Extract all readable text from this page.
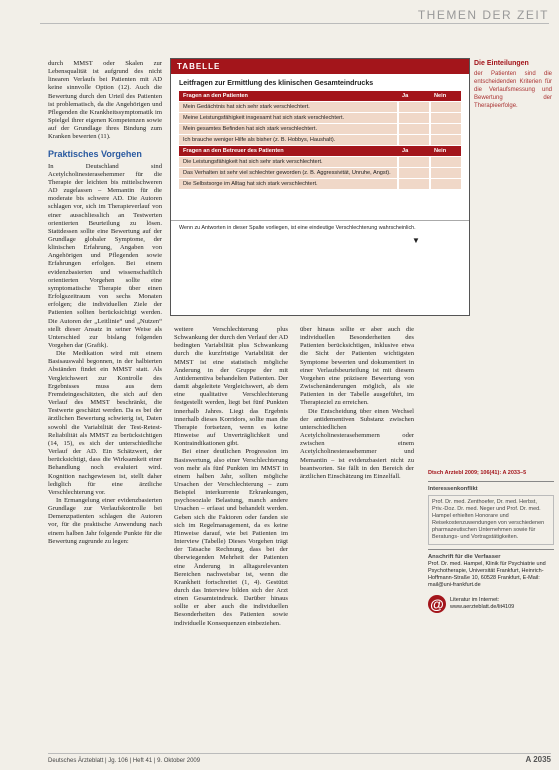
THEMEN DER ZEIT

durch MMST oder Skalen zur Lebensqualität ist aufgrund des nicht linearen Verlaufs bei Patienten mit AD keine sinnvolle Option (12). Auch die Bewertung durch den Urteil des Patienten ist problematisch, da die Angehörigen und Pflegenden die Krankheitssymptomatik im Spielgel ihrer eigenen Kompetenzen sowie auf der Grundlage ihres Bindung zum Kranken bewerten (11).

Praktisches Vorgehen

In Deutschland sind Acetylcholinesterasehemmer für die Therapie der leichten bis mittelschweren AD zugelassen – Memantin für die moderate bis schwere AD. Die Autoren schlagen vor, sich im Therapieverlauf von einer ausschliesslich an Testwerten orientierten Beurteilung zu lösen. Stattdessen sollte eine Bewertung auf der Grundlage globaler Symptome, der klinischen Erfahrung, Angaben von Angehörigen und Pflegenden sowie Erfahrungen erfolgen. Bei einem evidenzbasierten und wissenschaftlich orientierten Vorgehen sollte eine symptomatische Therapie über einen Erfolgszeitraum von sechs Monaten erfolgen; die individuellen Ziele der Patienten sollten berücksichtigt werden. Die Autoren der „Leitlinie“ und „Nutzen“ stellt dieser Ansatz in seiner Weise als Unterschied zur bislang folgenden Vorgehen dar (Grafik).

Die Medikation wird mit einem Basisauswahl begonnen, in der halbierten Abständen findet ein MMST statt. Als Vergleichswert zur Kontrolle des Ergebnisses muss aus dem Fremdeingeschätzten, die sich auf den Verlauf des MMST beschränkt, die Testwerte geschätzt werden. Da es bei der ärztlichen Bewertung schwierig ist, Daten sowohl die Variabilität der Test-Retest-Reliabilität als MMST zu berücksichtigen (14, 15), es sich der unterschiedliche Verlauf der AD. Ein Schätzwert, der berücksichtigt, dass die Wirksamkeit einer Behandlung noch evaluiert wird. Kognition nachgewiesen ist, stellt daher lediglich für eine ärztliche Verschlechterung vor.

In Ermangelung einer evidenzbasierten Grundlage zur Verlaufskontrolle bei Demenzpatienten schlagen die Autoren vor, für die praktische Anwendung nach einem halben Jahr folgende Punkte für die Bewertung zugrunde zu legen:

TABELLE
Leitfragen zur Ermittlung des klinischen Gesamteindrucks
Fragen an den Patienten	Ja	Nein
Mein Gedächtnis hat sich sehr stark verschlechtert.		
Meine Leistungsfähigkeit insgesamt hat sich stark verschlechtert.		
Mein gesamtes Befinden hat sich stark verschlechtert.		
Ich brauche weniger Hilfe als bisher (z. B. Hobbys, Haushalt).		
Fragen an den Betreuer des Patienten	Ja	Nein
Die Leistungsfähigkeit hat sich sehr stark verschlechtert.		
Das Verhalten ist sehr viel schlechter geworden (z. B. Aggressivität, Unruhe, Angst).		
Die Selbstsorge im Alltag hat sich stark verschlechtert.		
Wenn zu Antworten in dieser Spalte vorliegen, ist eine eindeutige Verschlechterung wahrscheinlich.
▼

weitere Verschlechterung plus Schwankung der durch den Verlauf der AD bedingten Variabilität plus Schwankung durch die kurzfristige Variabilität der MMST ist eine statistisch mögliche Änderung in der Gruppe der mit Antidementiva behandelten Patienten. Der damit abgeleitete Vergleichswert, ab dem eine qualitative Verschlechterung festgestellt werden, liegt bei fünf Punkten innerhalb Jahres. Liegt das Ergebnis innerhalb dieses Korridors, sollte man die Therapie fortsetzen, wenn es keine Hinweise auf Unverträglichkeit und Kontraindikationen gibt.

Bei einer deutlichen Progression im Basiswertung, also einer Verschlechterung von mehr als fünf Punkten im MMST in einem halben Jahr, sollten mögliche Ursachen der Verschlechterung – zum Beispiel interkurrente Erkrankungen, psychosoziale Belastung, manch andere Ursachen – erfasst und behandelt werden. Geben sich die Faktoren oder fanden sie sich im Regelmanagement, da es keine Hinweise darauf, wie bei Patienten im Interview (Tabelle) Dieses Vorgehen trägt der Tatsache Rechnung, dass bei der überwiegenden Mehrheit der Patienten eine Änderung in alltagsrelevanten Bereichen nachweisbar ist, wenn die Krankheit fortschreitet (1, 4). Gestützt durch das Interview bilden sich der Arzt einen Gesamteindruck. Darüber hinaus sollte er aber auch die individuellen Besonderheiten des Patienten sowie individuelle Konsequenzen einbeziehen.

über hinaus sollte er aber auch die individuellen Besonderheiten des Patienten berücksichtigen, inklusive etwa die Sicht der Patienten wichtigsten Symptome bewerten und dokumentiert in einer Verlaufsbeurteilung ist mit diesem Vorgehen eine präzisere Bewertung von Zwischenänderungen möglich, als sie Patienten in der Tabelle ausgeführt, im Therapieziel zu erreichen.

Die Entscheidung über einen Wechsel der antidementiven Substanz zwischen unterschiedlichen Acetylcholinesterasehemmern oder zwischen einem Acetylcholinesterasehemmer und Memantin – ist evidenzbasiert nicht zu beantworten. Sie fällt in den Bereich der ärztlichen Einschätzung im Einzelfall.

Die Einteilungen
der Patienten sind die entscheidenden Kriterien für die Verlaufsmessung und Bewertung der Therapieerfolge.
Dtsch Arztebl 2009; 106(41): A 2033–5
Interessenkonflikt
Prof. Dr. med. Zenthoefer, Dr. med. Herbst, Priv.-Doz. Dr. med. Neger und Prof. Dr. med. Hampel erhielten Honorare und Reisekostenzuwendungen von verschiedenen pharmazeutischen Unternehmen sowie für Beratungs- und Vortragstätigkeiten.
Anschrift für die Verfasser
Prof. Dr. med. Hampel, Klinik für Psychiatrie und Psychotherapie, Universität Frankfurt, Heinrich-Hoffmann-Straße 10, 60528 Frankfurt, E-Mail: mail@uni-frankfurt.de
@	Literatur im Internet:
www.aerzteblatt.de/lit4109
Deutsches Ärzteblatt | Jg. 106 | Heft 41 | 9. Oktober 2009	A 2035
